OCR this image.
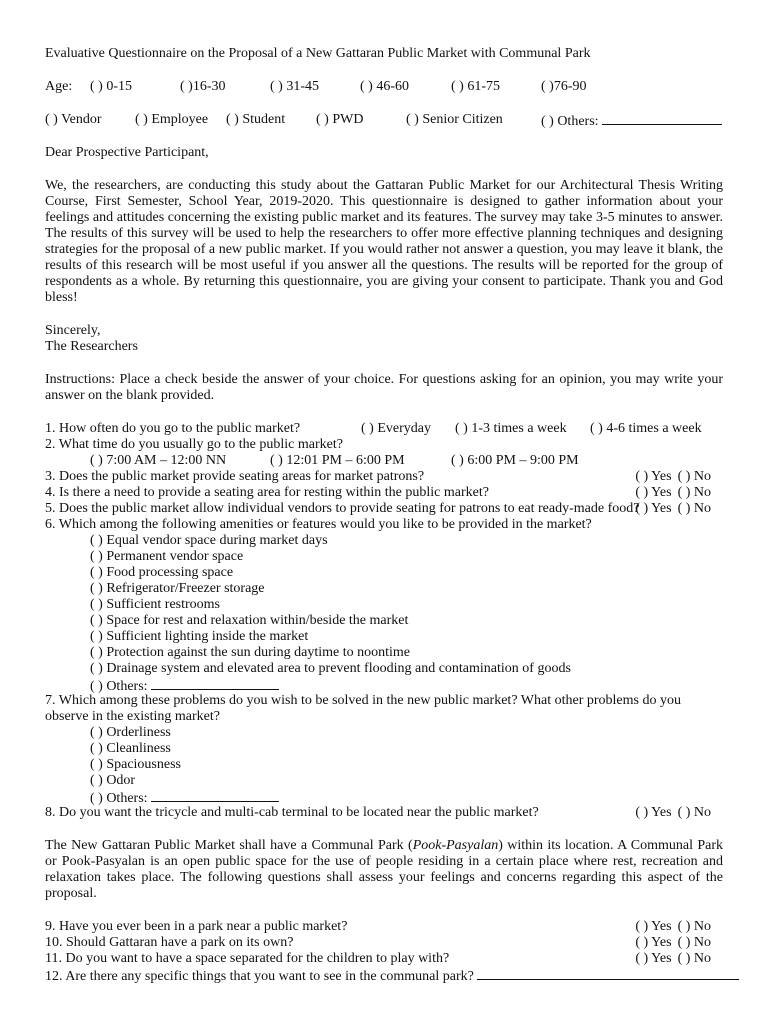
Evaluative Questionnaire on the Proposal of a New Gattaran Public Market with Communal Park
Age: ( ) 0-15	( )16-30	( ) 31-45	( ) 46-60	( ) 61-75	( )76-90
( ) Vendor ( ) Employee ( ) Student ( ) PWD	( ) Senior Citizen	( ) Others:
Dear Prospective Participant,

We, the researchers, are conducting this study about the Gattaran Public Market for our Architectural Thesis Writing Course, First Semester, School Year, 2019-2020. This questionnaire is designed to gather information about your feelings and attitudes concerning the existing public market and its features. The survey may take 3-5 minutes to answer. The results of this survey will be used to help the researchers to offer more effective planning techniques and designing strategies for the proposal of a new public market. If you would rather not answer a question, you may leave it blank, the results of this research will be most useful if you answer all the questions. The results will be reported for the group of respondents as a whole. By returning this questionnaire, you are giving your consent to participate. Thank you and God bless!

Sincerely,
The Researchers

Instructions: Place a check beside the answer of your choice. For questions asking for an opinion, you may write your answer on the blank provided.

1. How often do you go to the public market?	( ) Everyday ( ) 1-3 times a week ( ) 4-6 times a week
2. What time do you usually go to the public market?
( ) 7:00 AM – 12:00 NN	( ) 12:01 PM – 6:00 PM	( ) 6:00 PM – 9:00 PM
3. Does the public market provide seating areas for market patrons?	( ) Yes ( ) No
4. Is there a need to provide a seating area for resting within the public market?	( ) Yes ( ) No
5. Does the public market allow individual vendors to provide seating for patrons to eat ready-made food?
( ) Yes ( ) No
6. Which among the following amenities or features would you like to be provided in the market?
( ) Equal vendor space during market days
( ) Permanent vendor space
( ) Food processing space
( ) Refrigerator/Freezer storage
( ) Sufficient restrooms
( ) Space for rest and relaxation within/beside the market
( ) Sufficient lighting inside the market
( ) Protection against the sun during daytime to noontime
( ) Drainage system and elevated area to prevent flooding and contamination of goods
( ) Others:

7. Which among these problems do you wish to be solved in the new public market? What other problems do you observe in the existing market?

( ) Orderliness
( ) Cleanliness
( ) Spaciousness
( ) Odor
( ) Others:
8. Do you want the tricycle and multi-cab terminal to be located near the public market?	( ) Yes ( ) No

The New Gattaran Public Market shall have a Communal Park (Pook-Pasyalan) within its location. A Communal Park or Pook-Pasyalan is an open public space for the use of people residing in a certain place where rest, recreation and relaxation takes place. The following questions shall assess your feelings and concerns regarding this aspect of the proposal.

9. Have you ever been in a park near a public market?	( ) Yes ( ) No
10. Should Gattaran have a park on its own?	( ) Yes ( ) No
11. Do you want to have a space separated for the children to play with?	( ) Yes ( ) No
12. Are there any specific things that you want to see in the communal park?
